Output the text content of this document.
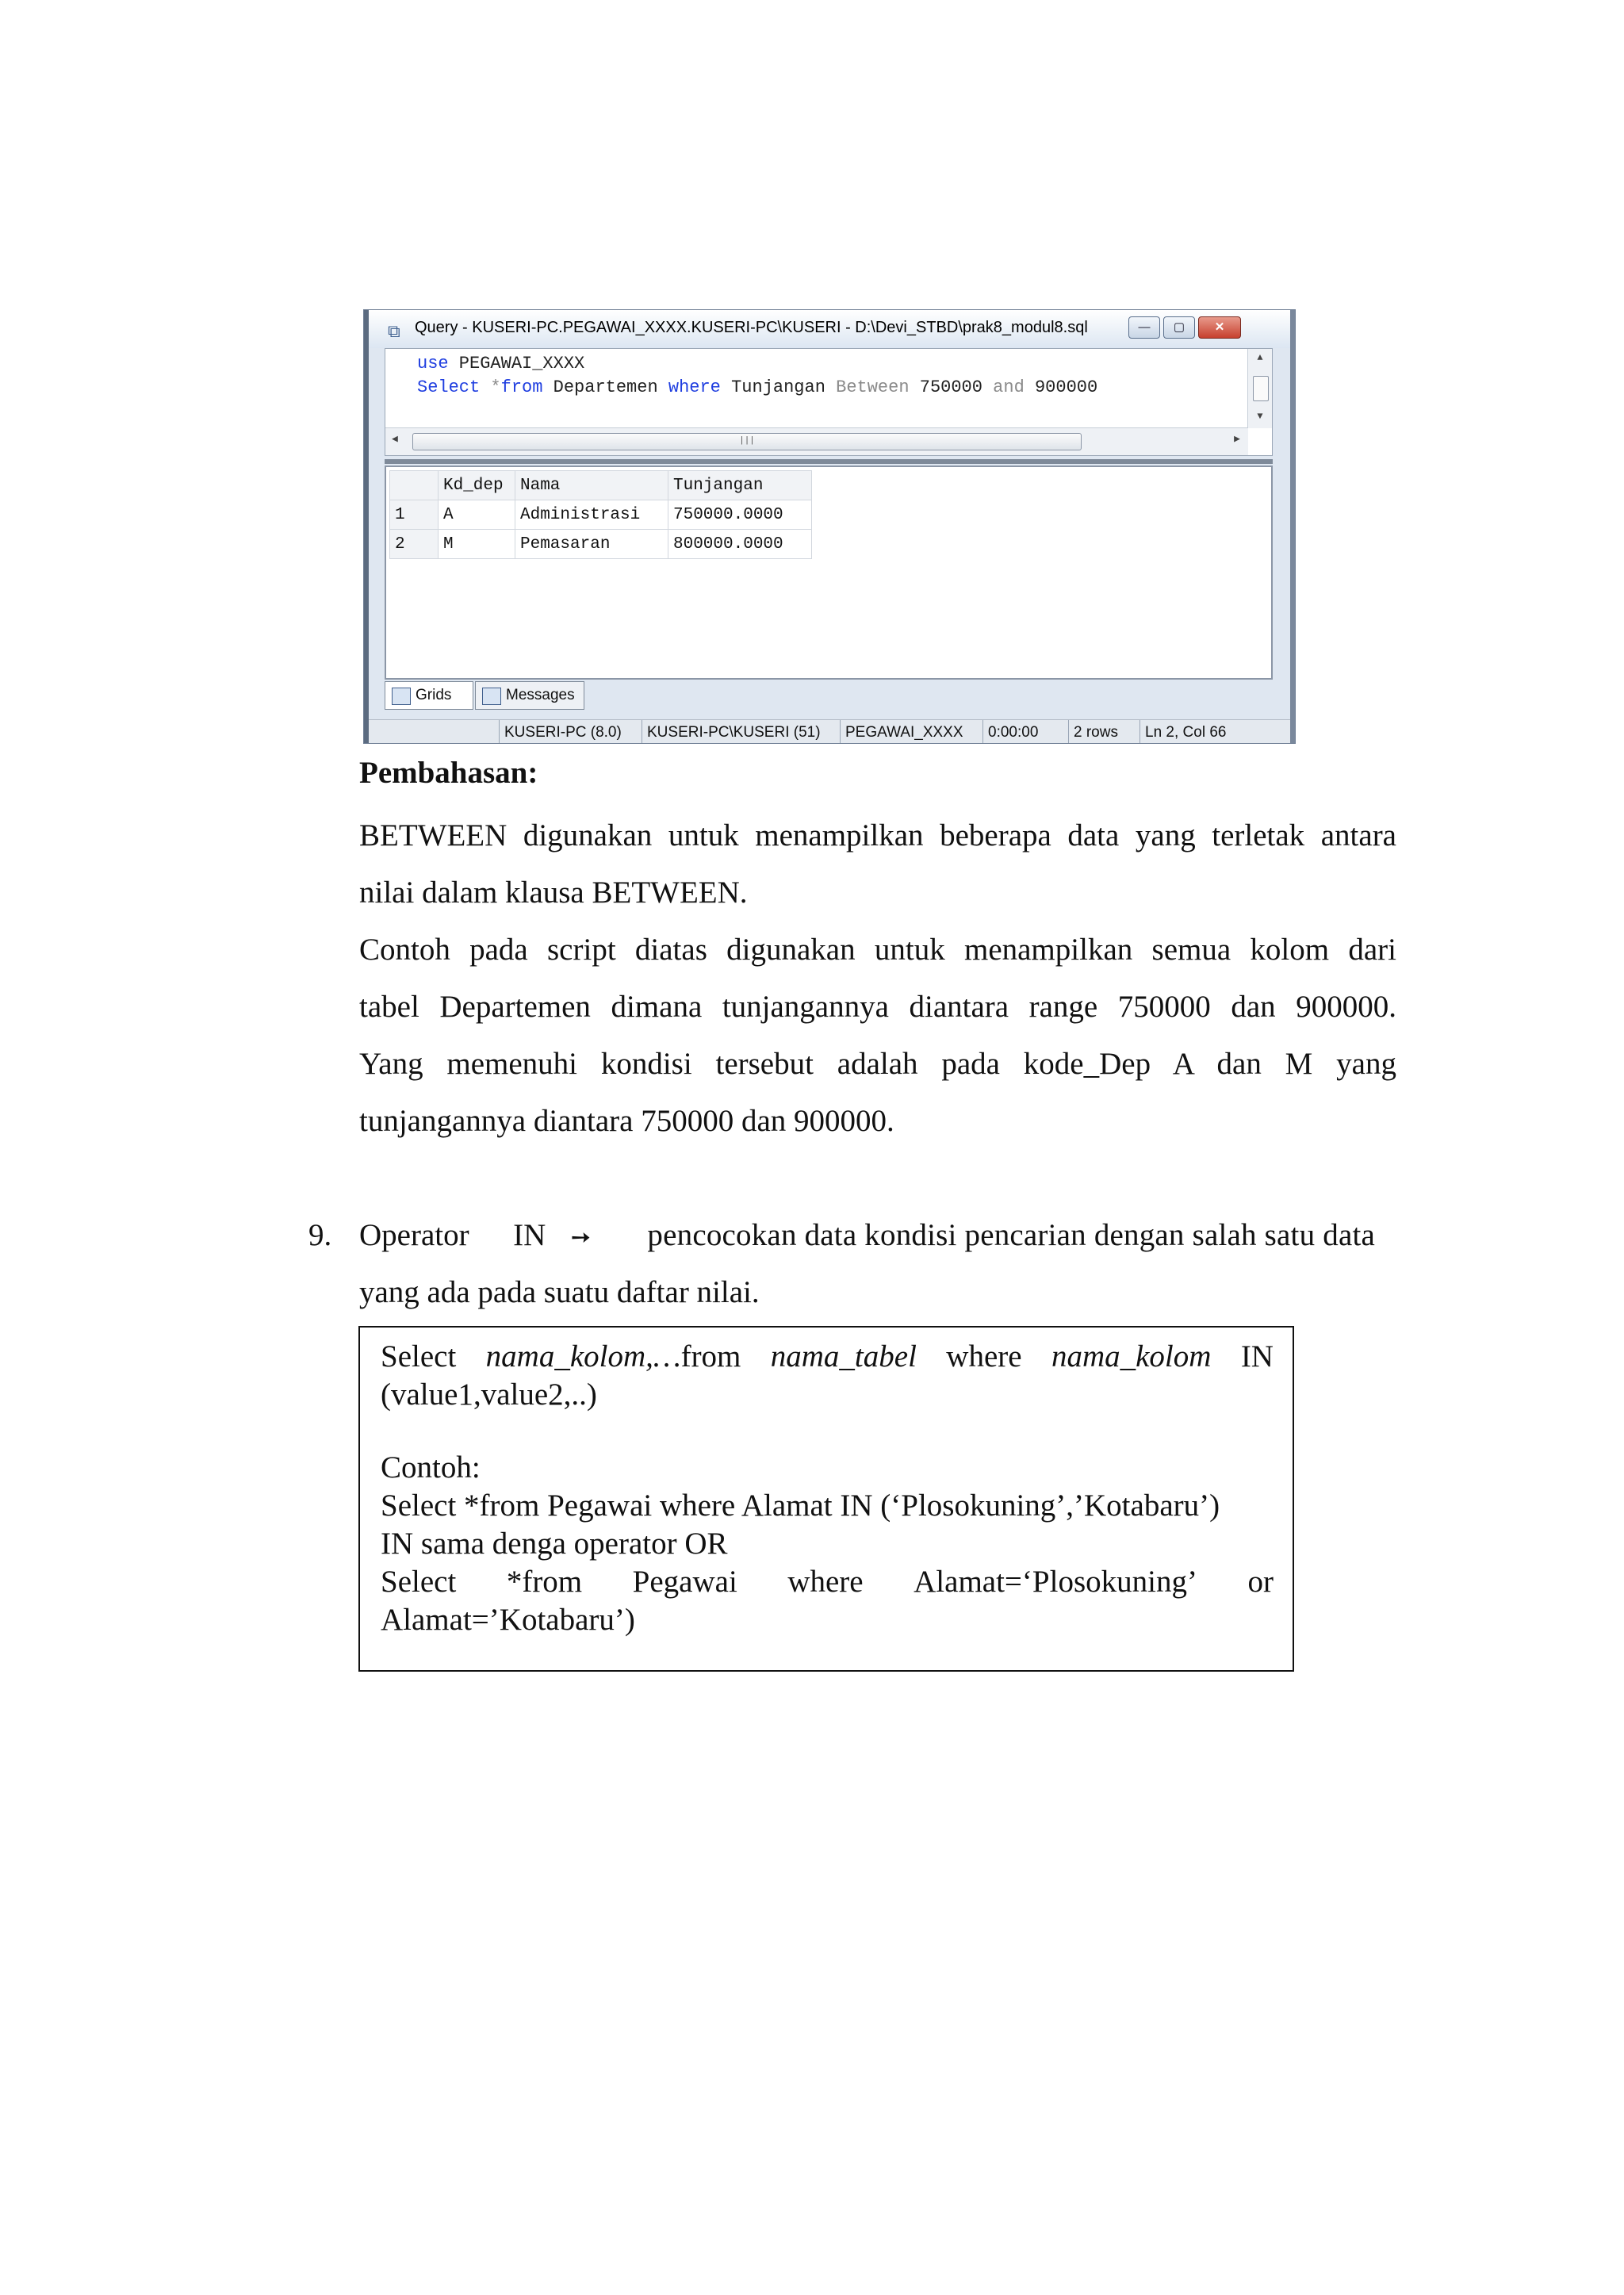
⧉ Query - KUSERI-PC.PEGAWAI_XXXX.KUSERI-PC\KUSERI - D:\Devi_STBD\prak8_modul8.sql	—	▢	✕
use PEGAWAI_XXXX
Select *from Departemen where Tunjangan Between 750000 and 900000
▲
▼
◀	|||	▶
	Kd_dep	Nama	Tunjangan
1	A	Administrasi	750000.0000
2	M	Pemasaran	800000.0000
Grids	Messages
KUSERI-PC (8.0)	KUSERI-PC\KUSERI (51)	PEGAWAI_XXXX	0:00:00	2 rows	Ln 2, Col 66
Pembahasan:
BETWEEN digunakan untuk menampilkan beberapa data yang terletak antara
nilai dalam klausa BETWEEN.
Contoh pada script diatas digunakan untuk menampilkan semua kolom dari
tabel Departemen dimana tunjangannya diantara range 750000 dan 900000.
Yang memenuhi kondisi tersebut adalah pada kode_Dep A dan M yang
tunjangannya diantara 750000 dan 900000.
9. Operator IN ➙ pencocokan data kondisi pencarian dengan salah satu data
yang ada pada suatu daftar nilai.
Select nama_kolom,… from nama_tabel where nama_kolom IN
(value1,value2,..)
Contoh:
Select *from Pegawai where Alamat IN (‘Plosokuning’,’Kotabaru’)
IN sama denga operator OR
Select *from Pegawai where Alamat=‘Plosokuning’ or
Alamat=’Kotabaru’)
